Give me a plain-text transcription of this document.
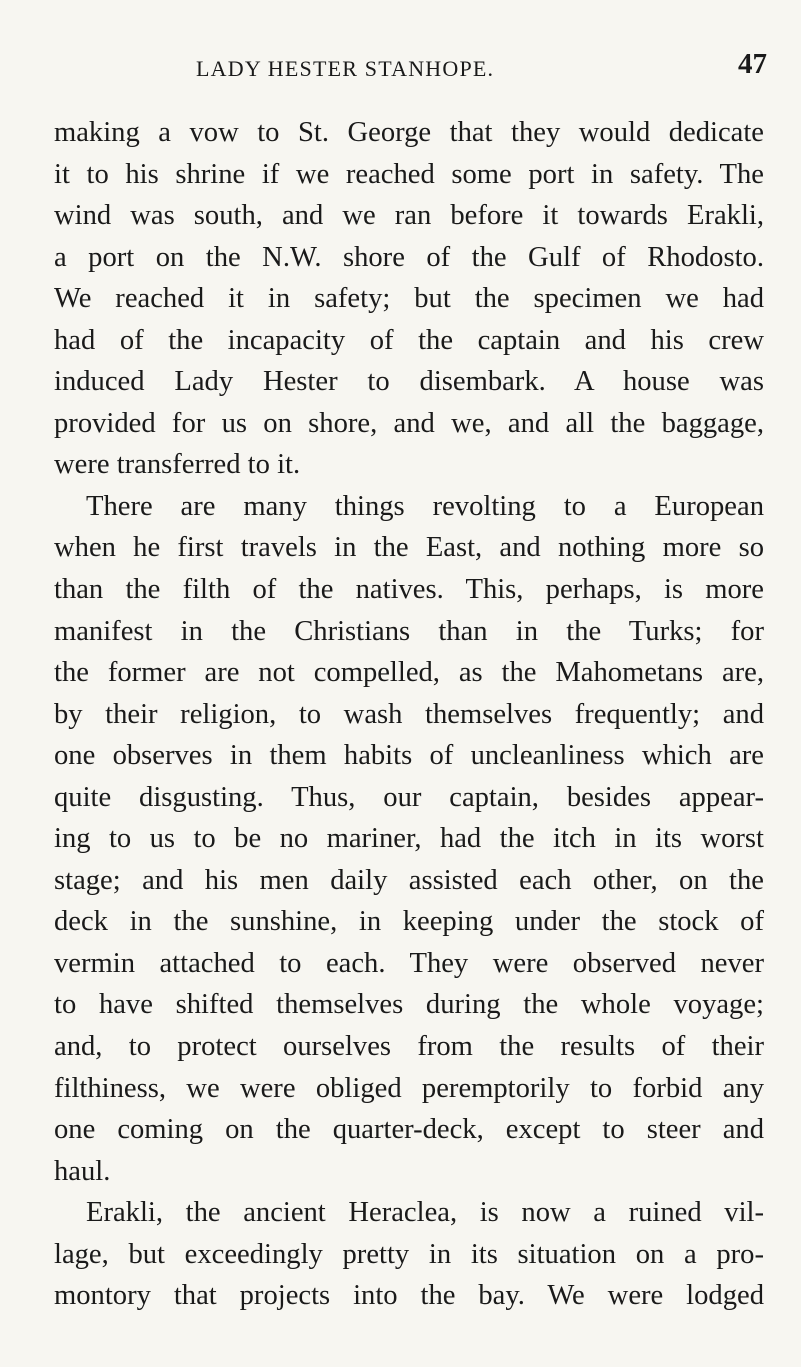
LADY HESTER STANHOPE.	47
making a vow to St. George that they would dedicate
it to his shrine if we reached some port in safety. The
wind was south, and we ran before it towards Erakli,
a port on the N.W. shore of the Gulf of Rhodosto.
We reached it in safety; but the specimen we had
had of the incapacity of the captain and his crew
induced Lady Hester to disembark. A house was
provided for us on shore, and we, and all the baggage,
were transferred to it.
There are many things revolting to a European
when he first travels in the East, and nothing more so
than the filth of the natives. This, perhaps, is more
manifest in the Christians than in the Turks; for
the former are not compelled, as the Mahometans are,
by their religion, to wash themselves frequently; and
one observes in them habits of uncleanliness which are
quite disgusting. Thus, our captain, besides appear-
ing to us to be no mariner, had the itch in its worst
stage; and his men daily assisted each other, on the
deck in the sunshine, in keeping under the stock of
vermin attached to each. They were observed never
to have shifted themselves during the whole voyage;
and, to protect ourselves from the results of their
filthiness, we were obliged peremptorily to forbid any
one coming on the quarter-deck, except to steer and
haul.
Erakli, the ancient Heraclea, is now a ruined vil-
lage, but exceedingly pretty in its situation on a pro-
montory that projects into the bay. We were lodged
